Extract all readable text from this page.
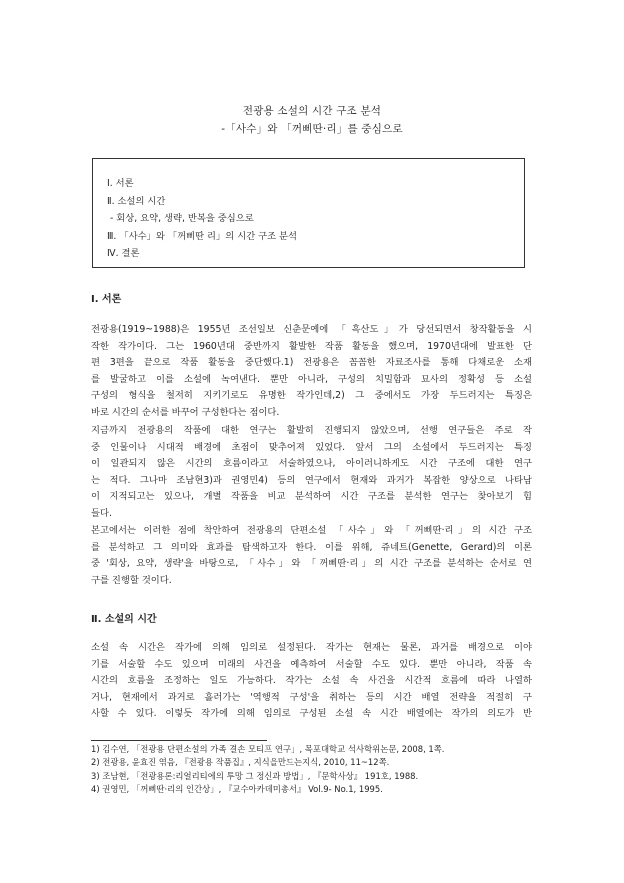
전광용 소설의 시간 구조 분석
-「사수」와 「꺼삐딴·리」를 중심으로
Ⅰ. 서론
Ⅱ. 소설의 시간
- 회상, 요약, 생략, 반복을 중심으로
Ⅲ. 「사수」와 「꺼삐딴 리」의 시간 구조 분석
Ⅳ. 결론
Ⅰ. 서론
전광용(1919~1988)은 1955년 조선일보 신춘문예에 「흑산도」가 당선되면서 창작활동을 시
작한 작가이다. 그는 1960년대 중반까지 활발한 작품 활동을 했으며, 1970년대에 발표한 단
편 3편을 끝으로 작품 활동을 중단했다.1) 전광용은 꼼꼼한 자료조사를 통해 다채로운 소재
를 발굴하고 이를 소설에 녹여낸다. 뿐만 아니라, 구성의 치밀함과 묘사의 정확성 등 소설
구성의 형식을 철저히 지키기로도 유명한 작가인데,2) 그 중에서도 가장 두드러지는 특징은
바로 시간의 순서를 바꾸어 구성한다는 점이다.
지금까지 전광용의 작품에 대한 연구는 활발히 진행되지 않았으며, 선행 연구들은 주로 작
중 인물이나 시대적 배경에 초점이 맞추어져 있었다. 앞서 그의 소설에서 두드러지는 특징
이 일관되지 않은 시간의 흐름이라고 서술하였으나, 아이러니하게도 시간 구조에 대한 연구
는 적다. 그나마 조남현3)과 권영민4) 등의 연구에서 현재와 과거가 복잡한 양상으로 나타남
이 지적되고는 있으나, 개별 작품을 비교 분석하여 시간 구조를 분석한 연구는 찾아보기 힘
들다.
본고에서는 이러한 점에 착안하여 전광용의 단편소설 「사수」와 「꺼삐딴·리」의 시간 구조
를 분석하고 그 의미와 효과를 탐색하고자 한다. 이를 위해, 쥬네트(Genette, Gerard)의 이론
중 '회상, 요약, 생략'을 바탕으로, 「사수」와 「꺼삐딴·리」의 시간 구조를 분석하는 순서로 연
구를 진행할 것이다.
Ⅱ. 소설의 시간
소설 속 시간은 작가에 의해 임의로 설정된다. 작가는 현재는 물론, 과거를 배경으로 이야
기를 서술할 수도 있으며 미래의 사건을 예측하여 서술할 수도 있다. 뿐만 아니라, 작품 속
시간의 흐름을 조정하는 일도 가능하다. 작가는 소설 속 사건을 시간적 흐름에 따라 나열하
거나, 현재에서 과거로 흘러가는 '역행적 구성'을 취하는 등의 시간 배열 전략을 적절히 구
사할 수 있다. 이렇듯 작가에 의해 임의로 구성된 소설 속 시간 배열에는 작가의 의도가 반
1) 김수연, 「전광용 단편소설의 가족 결손 모티프 연구」, 목포대학교 석사학위논문, 2008, 1쪽.
2) 전광용, 윤효진 엮음, 『전광용 작품집』, 지식을만드는지식, 2010, 11~12쪽.
3) 조남현, 「전광용론:리얼리티에의 투망 그 정신과 방법」, 『문학사상』 191호, 1988.
4) 권영민, 「꺼삐딴·리의 인간상」, 『교수아카데미총서』 Vol.9- No.1, 1995.
